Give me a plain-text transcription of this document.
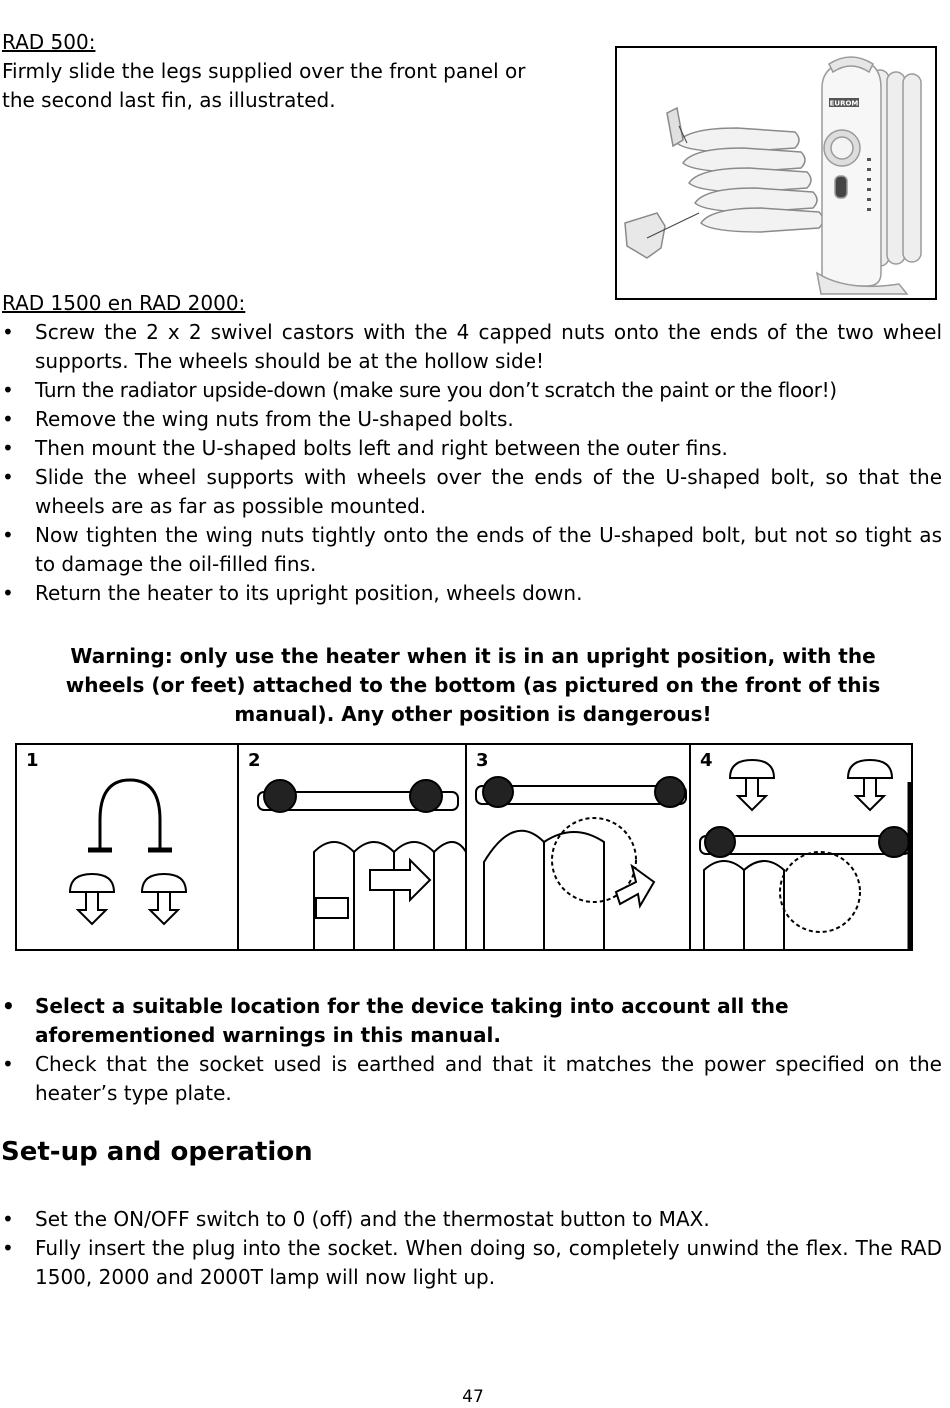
RAD 500:
Firmly slide the legs supplied over the front panel or
the second last fin, as illustrated.	EUROM
RAD 1500 en RAD 2000:
• Screw the 2 x 2 swivel castors with the 4 capped nuts onto the ends of the two wheel supports. The wheels should be at the hollow side!
• Turn the radiator upside-down (make sure you don’t scratch the paint or the floor!)
• Remove the wing nuts from the U-shaped bolts.
• Then mount the U-shaped bolts left and right between the outer fins.
• Slide the wheel supports with wheels over the ends of the U-shaped bolt, so that the wheels are as far as possible mounted.
• Now tighten the wing nuts tightly onto the ends of the U-shaped bolt, but not so tight as to damage the oil-filled fins.
• Return the heater to its upright position, wheels down.
Warning: only use the heater when it is in an upright position, with the
wheels (or feet) attached to the bottom (as pictured on the front of this
manual). Any other position is dangerous!
1	2	3	4
• Select a suitable location for the device taking into account all the aforementioned warnings in this manual.
• Check that the socket used is earthed and that it matches the power specified on the heater’s type plate.
Set-up and operation
• Set the ON/OFF switch to 0 (off) and the thermostat button to MAX.
• Fully insert the plug into the socket. When doing so, completely unwind the flex. The RAD 1500, 2000 and 2000T lamp will now light up.
47
